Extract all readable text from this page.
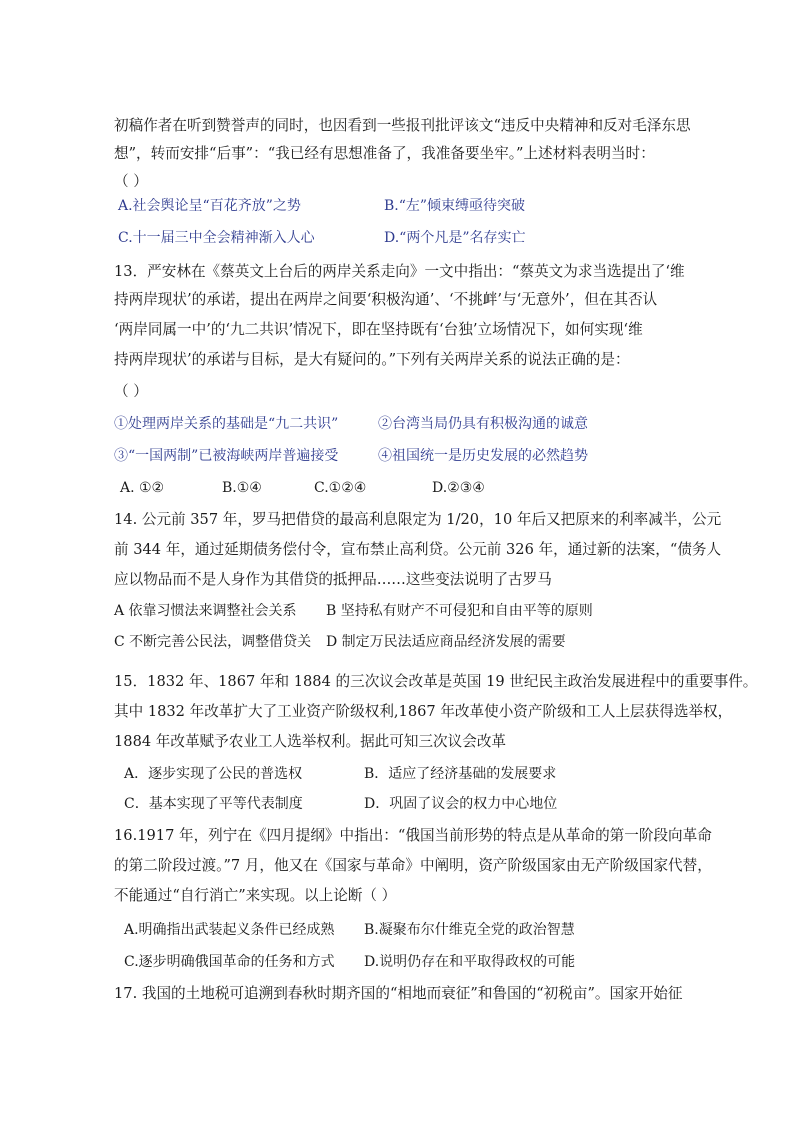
初稿作者在听到赞誉声的同时，也因看到一些报刊批评该文“违反中央精神和反对毛泽东思
想”，转而安排“后事”：“我已经有思想准备了，我准备要坐牢。”上述材料表明当时：
（ ）
A.社会舆论呈“百花齐放”之势	B.“左”倾束缚亟待突破
C.十一届三中全会精神渐入人心	D.“两个凡是”名存实亡
13．严安林在《蔡英文上台后的两岸关系走向》一文中指出：“蔡英文为求当选提出了‘维
持两岸现状’的承诺，提出在两岸之间要‘积极沟通’、‘不挑衅’与‘无意外’，但在其否认
‘两岸同属一中’的‘九二共识’情况下，即在坚持既有‘台独’立场情况下，如何实现‘维
持两岸现状’的承诺与目标，是大有疑问的。”下列有关两岸关系的说法正确的是：
（ ）
①处理两岸关系的基础是“九二共识”	②台湾当局仍具有积极沟通的诚意
③“一国两制”已被海峡两岸普遍接受	④祖国统一是历史发展的必然趋势
A. ①②	B.①④	C.①②④	D.②③④
14. 公元前 357 年，罗马把借贷的最高利息限定为 1/20，10 年后又把原来的利率减半，公元
前 344 年，通过延期债务偿付令，宣布禁止高利贷。公元前 326 年，通过新的法案，“债务人
应以物品而不是人身作为其借贷的抵押品……这些变法说明了古罗马
A 依靠习惯法来调整社会关系 B 坚持私有财产不可侵犯和自由平等的原则
C 不断完善公民法，调整借贷关 D 制定万民法适应商品经济发展的需要
15．1832 年、1867 年和 1884 的三次议会改革是英国 19 世纪民主政治发展进程中的重要事件。
其中 1832 年改革扩大了工业资产阶级权利,1867 年改革使小资产阶级和工人上层获得选举权，
1884 年改革赋予农业工人选举权利。据此可知三次议会改革
A．逐步实现了公民的普选权	B．适应了经济基础的发展要求
C．基本实现了平等代表制度	D．巩固了议会的权力中心地位
16.1917 年，列宁在《四月提纲》中指出：“俄国当前形势的特点是从革命的第一阶段向革命
的第二阶段过渡。”7 月，他又在《国家与革命》中阐明，资产阶级国家由无产阶级国家代替，
不能通过“自行消亡”来实现。以上论断（ ）
A.明确指出武装起义条件已经成熟 B.凝聚布尔什维克全党的政治智慧
C.逐步明确俄国革命的任务和方式 D.说明仍存在和平取得政权的可能
17. 我国的土地税可追溯到春秋时期齐国的“相地而衰征”和鲁国的“初税亩”。国家开始征
